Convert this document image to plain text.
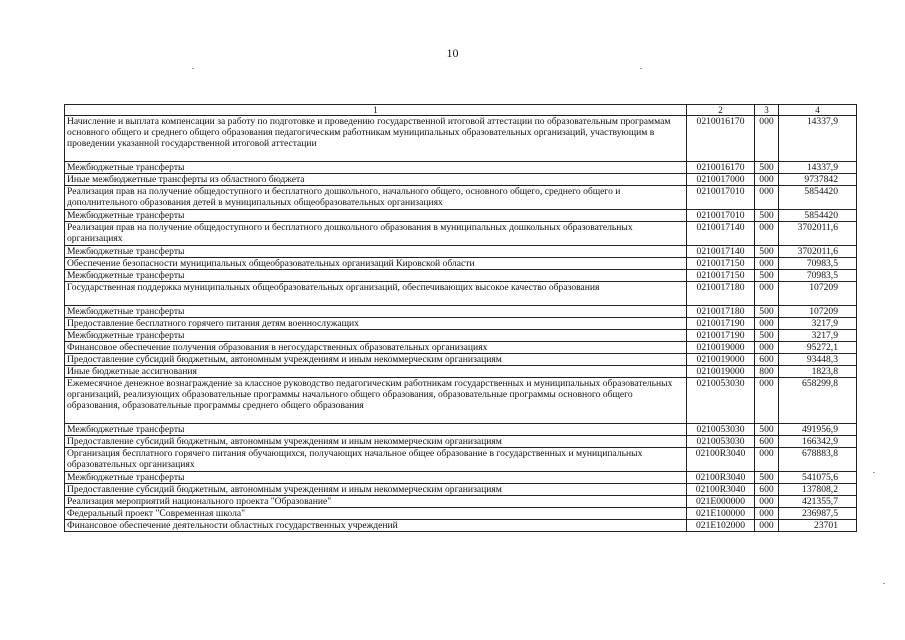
10
1	2	3	4
Начисление и выплата компенсации за работу по подготовке и проведению государственной итоговой аттестации по образовательным программам основного общего и среднего общего образования педагогическим работникам муниципальных образовательных организаций, участвующим в проведении указанной государственной итоговой аттестации	0210016170	000	14337,9
Межбюджетные трансферты	0210016170	500	14337,9
Иные межбюджетные трансферты из областного бюджета	0210017000	000	9737842
Реализация прав на получение общедоступного и бесплатного дошкольного, начального общего, основного общего, среднего общего и дополнительного образования детей в муниципальных общеобразовательных организациях	0210017010	000	5854420
Межбюджетные трансферты	0210017010	500	5854420
Реализация прав на получение общедоступного и бесплатного дошкольного образования в муниципальных дошкольных образовательных организациях	0210017140	000	3702011,6
Межбюджетные трансферты	0210017140	500	3702011,6
Обеспечение безопасности муниципальных общеобразовательных организаций Кировской области	0210017150	000	70983,5
Межбюджетные трансферты	0210017150	500	70983,5
Государственная поддержка муниципальных общеобразовательных организаций, обеспечивающих высокое качество образования	0210017180	000	107209
Межбюджетные трансферты	0210017180	500	107209
Предоставление бесплатного горячего питания детям военнослужащих	0210017190	000	3217,9
Межбюджетные трансферты	0210017190	500	3217,9
Финансовое обеспечение получения образования в негосударственных образовательных организациях	0210019000	000	95272,1
Предоставление субсидий бюджетным, автономным учреждениям и иным некоммерческим организациям	0210019000	600	93448,3
Иные бюджетные ассигнования	0210019000	800	1823,8
Ежемесячное денежное вознаграждение за классное руководство педагогическим работникам государственных и муниципальных образовательных организаций, реализующих образовательные программы начального общего образования, образовательные программы основного общего образования, образовательные программы среднего общего образования	0210053030	000	658299,8
Межбюджетные трансферты	0210053030	500	491956,9
Предоставление субсидий бюджетным, автономным учреждениям и иным некоммерческим организациям	0210053030	600	166342,9
Организация бесплатного горячего питания обучающихся, получающих начальное общее образование в государственных и муниципальных образовательных организациях	02100R3040	000	678883,8
Межбюджетные трансферты	02100R3040	500	541075,6
Предоставление субсидий бюджетным, автономным учреждениям и иным некоммерческим организациям	02100R3040	600	137808,2
Реализация мероприятий национального проекта "Образование"	021E000000	000	421355,7
Федеральный проект "Современная школа"	021E100000	000	236987,5
Финансовое обеспечение деятельности областных государственных учреждений	021E102000	000	23701
